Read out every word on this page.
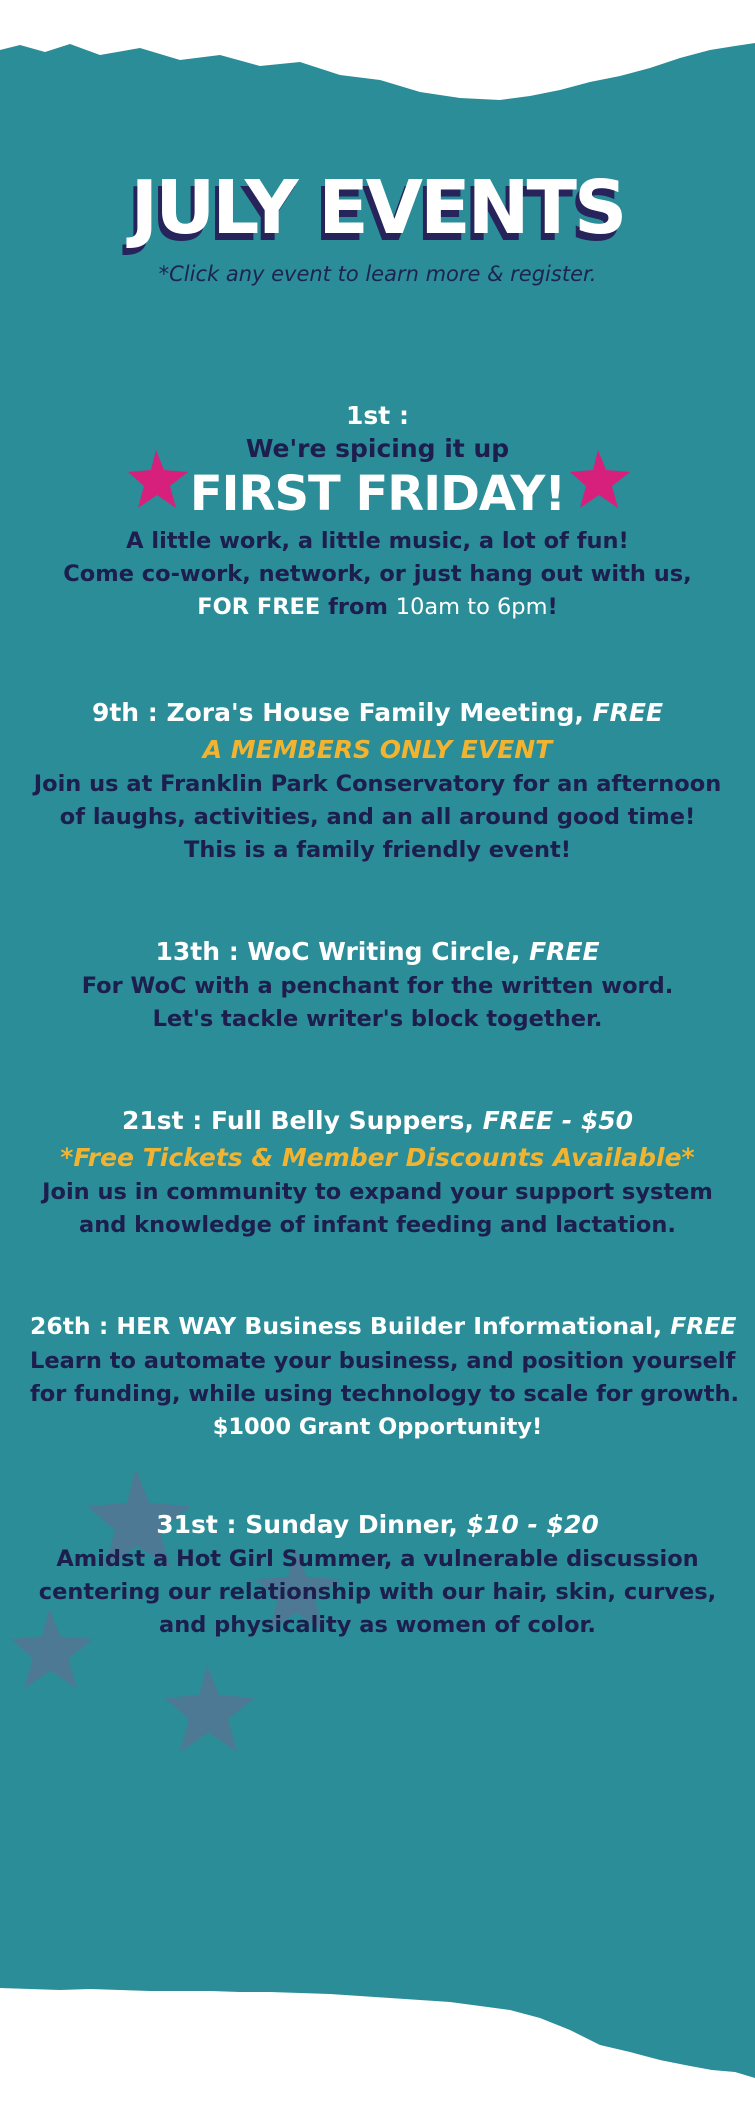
JULY EVENTS
*Click any event to learn more & register.
1st :
We're spicing it up
FIRST FRIDAY!
A little work, a little music, a lot of fun!
Come co-work, network, or just hang out with us,
FOR FREE from 10am to 6pm!
9th : Zora's House Family Meeting, FREE
A MEMBERS ONLY EVENT
Join us at Franklin Park Conservatory for an afternoon
of laughs, activities, and an all around good time!
This is a family friendly event!
13th : WoC Writing Circle, FREE
For WoC with a penchant for the written word.
Let's tackle writer's block together.
21st : Full Belly Suppers, FREE - $50
*Free Tickets & Member Discounts Available*
Join us in community to expand your support system
and knowledge of infant feeding and lactation.
26th : HER WAY Business Builder Informational, FREE
Learn to automate your business, and position yourself
for funding, while using technology to scale for growth.
$1000 Grant Opportunity!
31st : Sunday Dinner, $10 - $20
Amidst a Hot Girl Summer, a vulnerable discussion
centering our relationship with our hair, skin, curves,
and physicality as women of color.
